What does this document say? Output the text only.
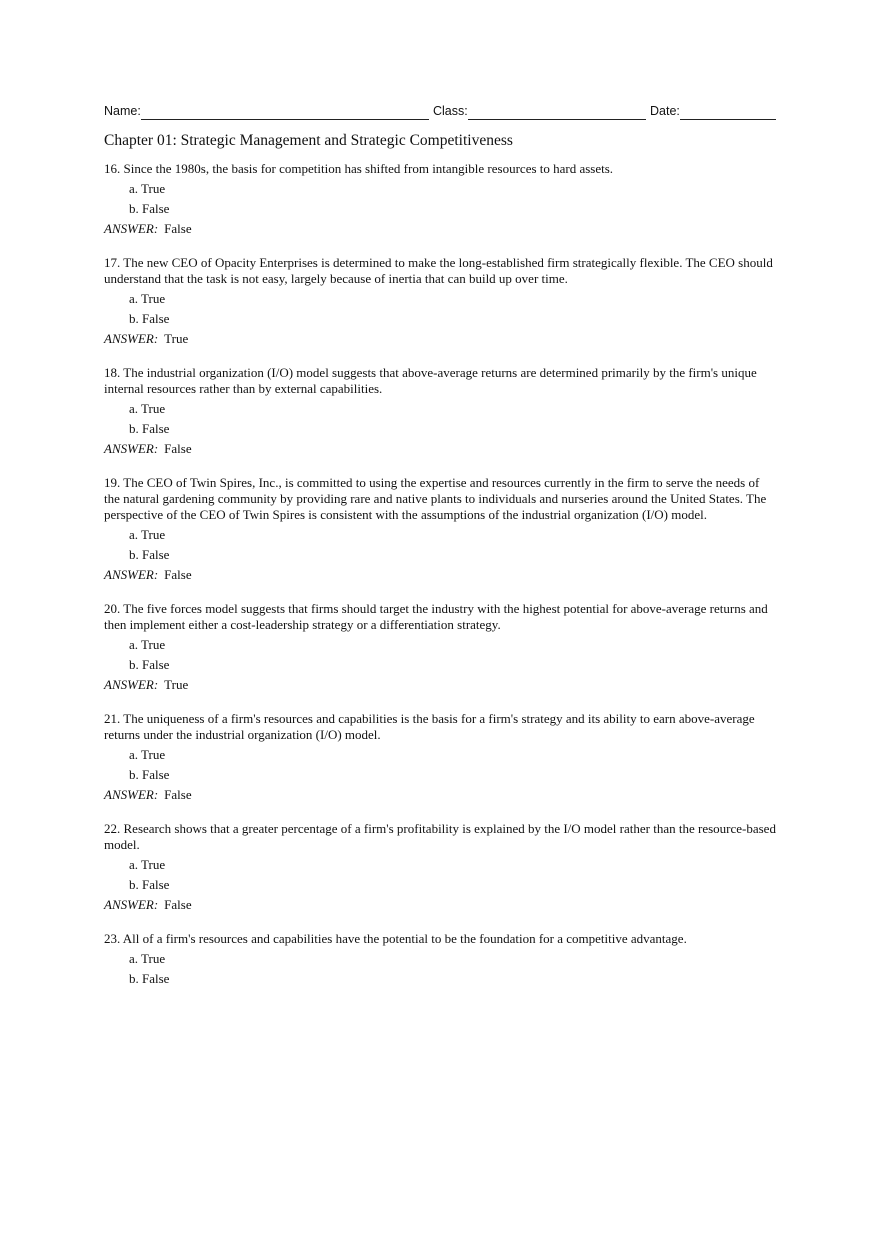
Name:	Class:	Date:
Chapter 01: Strategic Management and Strategic Competitiveness

16. Since the 1980s, the basis for competition has shifted from intangible resources to hard assets.

a. True
b. False
ANSWER: False

17. The new CEO of Opacity Enterprises is determined to make the long-established firm strategically flexible. The CEO should understand that the task is not easy, largely because of inertia that can build up over time.

a. True
b. False
ANSWER: True

18. The industrial organization (I/O) model suggests that above-average returns are determined primarily by the firm's unique internal resources rather than by external capabilities.

a. True
b. False
ANSWER: False

19. The CEO of Twin Spires, Inc., is committed to using the expertise and resources currently in the firm to serve the needs of the natural gardening community by providing rare and native plants to individuals and nurseries around the United States. The perspective of the CEO of Twin Spires is consistent with the assumptions of the industrial organization (I/O) model.

a. True
b. False
ANSWER: False

20. The five forces model suggests that firms should target the industry with the highest potential for above-average returns and then implement either a cost-leadership strategy or a differentiation strategy.

a. True
b. False
ANSWER: True

21. The uniqueness of a firm's resources and capabilities is the basis for a firm's strategy and its ability to earn above-average returns under the industrial organization (I/O) model.

a. True
b. False
ANSWER: False

22. Research shows that a greater percentage of a firm's profitability is explained by the I/O model rather than the resource-based model.

a. True
b. False
ANSWER: False

23. All of a firm's resources and capabilities have the potential to be the foundation for a competitive advantage.

a. True
b. False
